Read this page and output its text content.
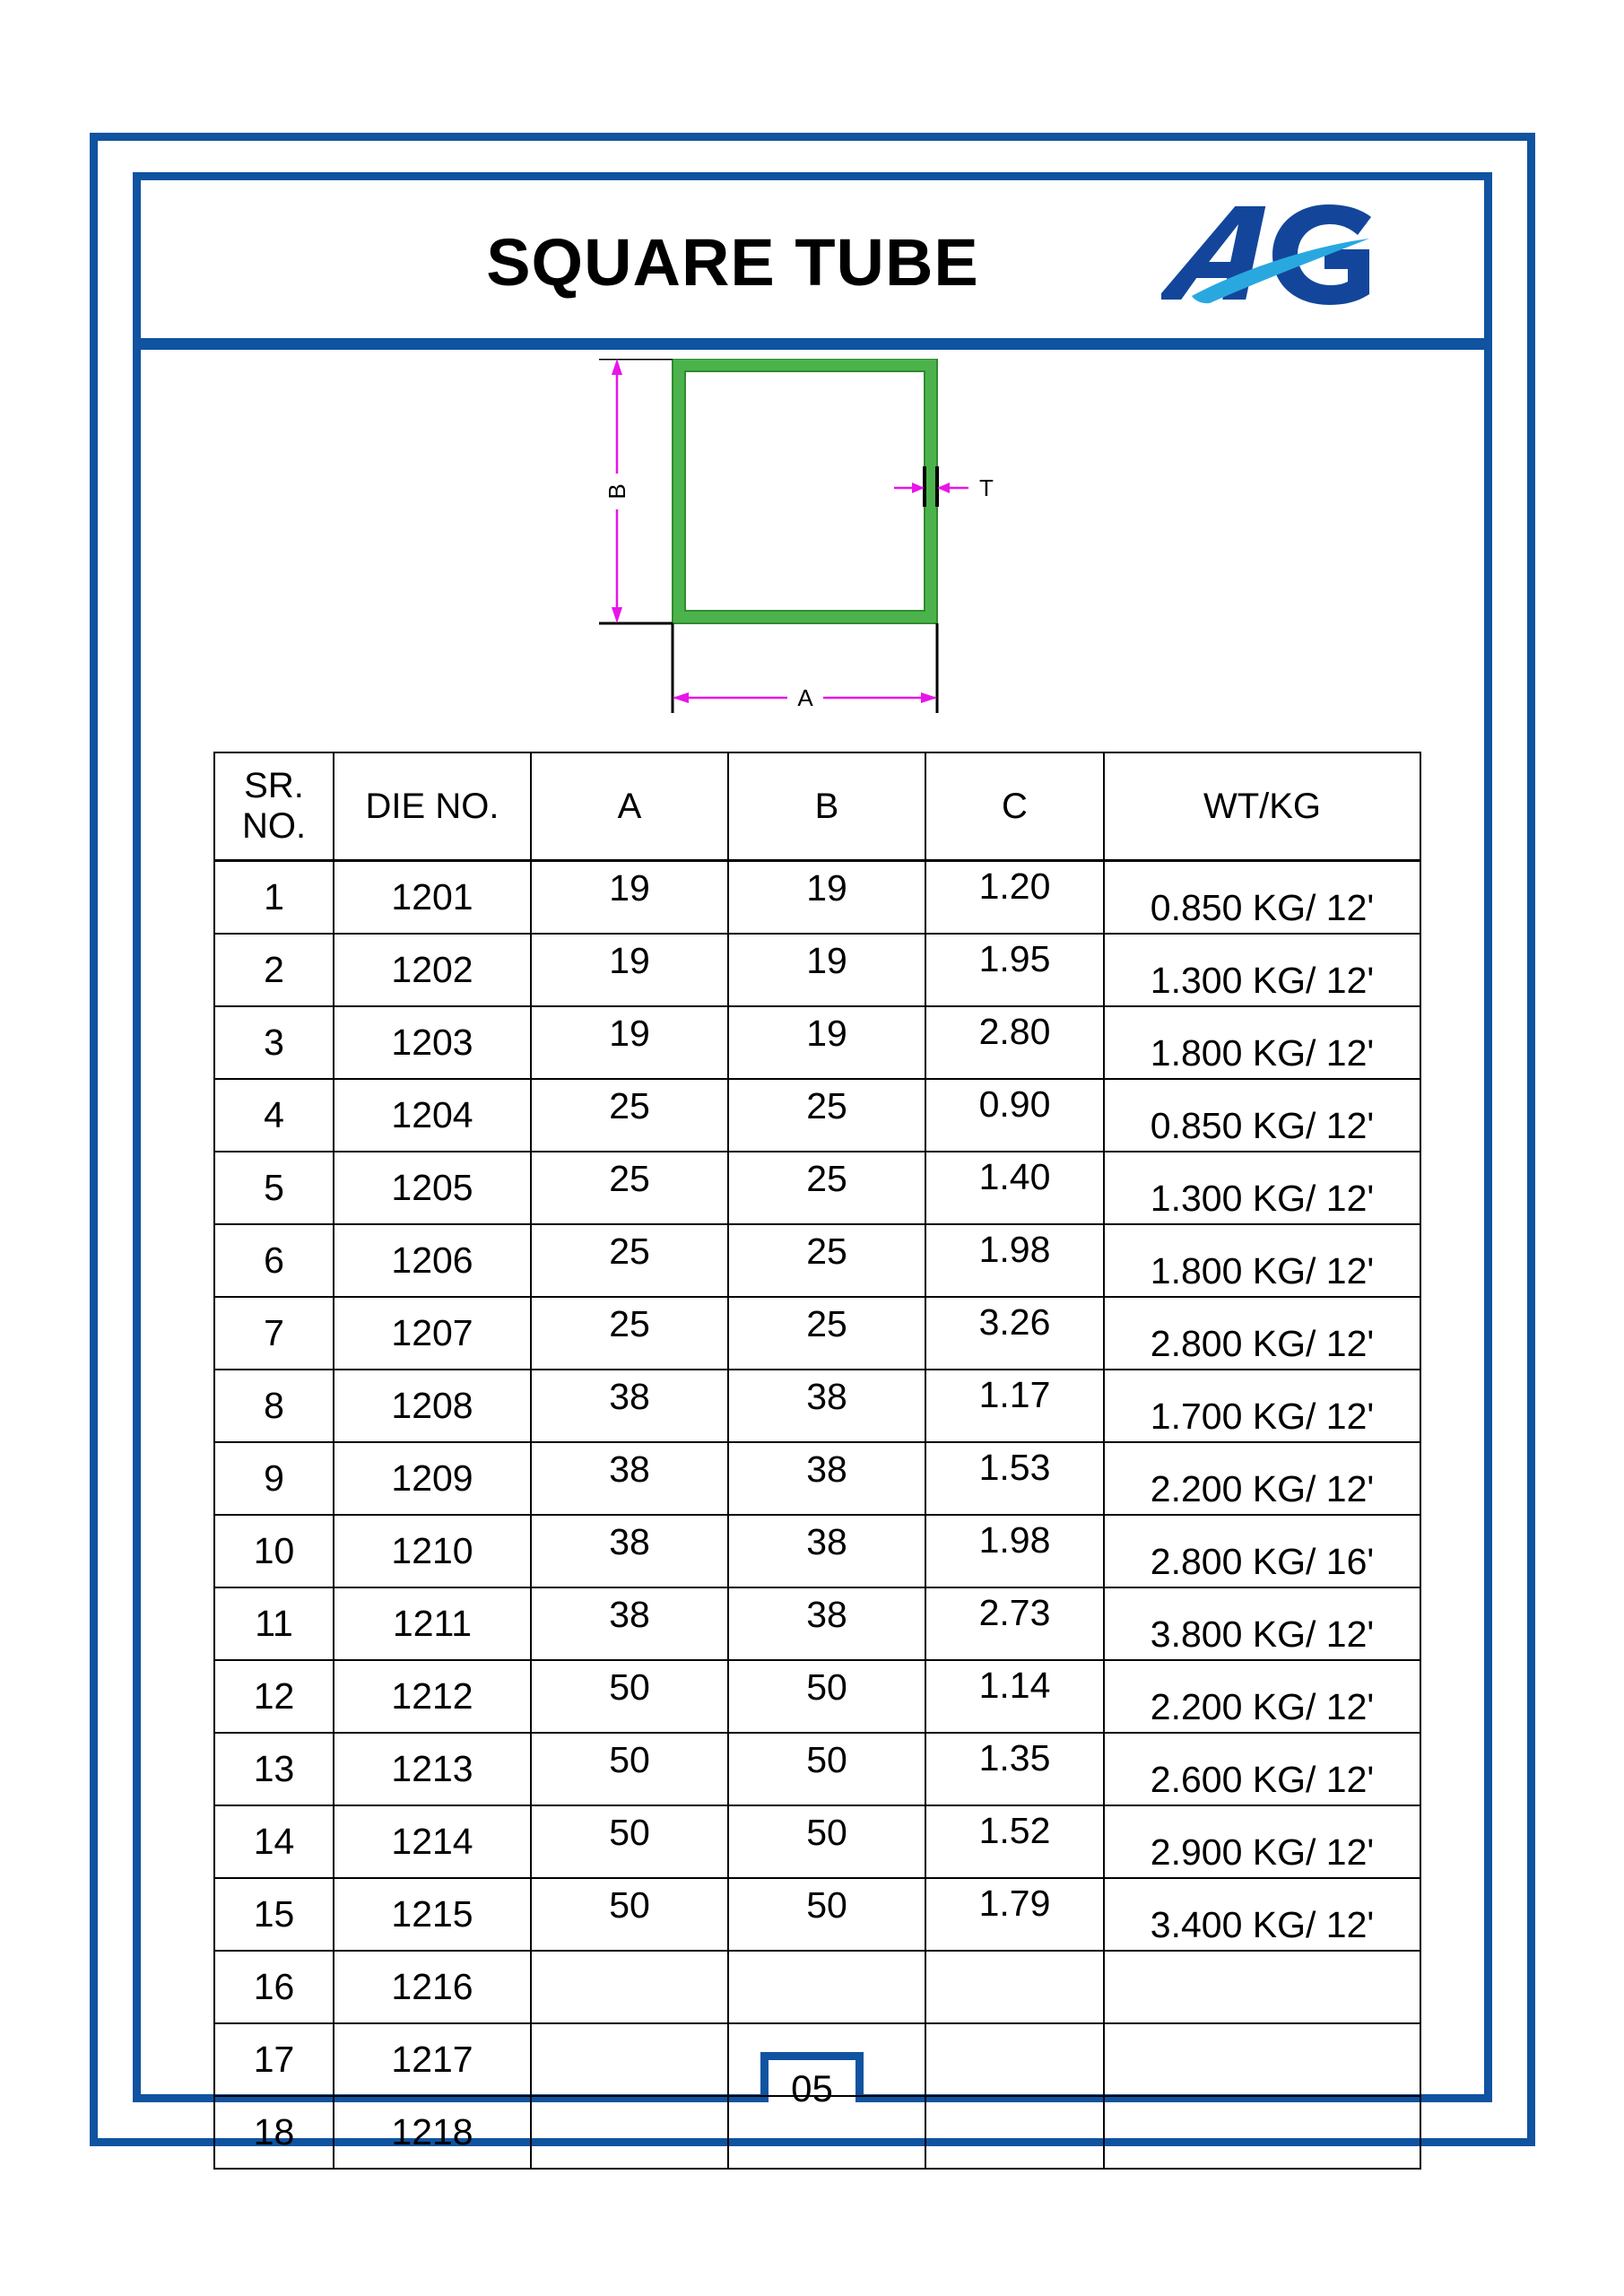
05
SQUARE TUBE
B
A
T
SR.
NO.	DIE NO.	A	B	C	WT/KG
1	1201	19	19	1.20	0.850 KG/ 12'
2	1202	19	19	1.95	1.300 KG/ 12'
3	1203	19	19	2.80	1.800 KG/ 12'
4	1204	25	25	0.90	0.850 KG/ 12'
5	1205	25	25	1.40	1.300 KG/ 12'
6	1206	25	25	1.98	1.800 KG/ 12'
7	1207	25	25	3.26	2.800 KG/ 12'
8	1208	38	38	1.17	1.700 KG/ 12'
9	1209	38	38	1.53	2.200 KG/ 12'
10	1210	38	38	1.98	2.800 KG/ 16'
11	1211	38	38	2.73	3.800 KG/ 12'
12	1212	50	50	1.14	2.200 KG/ 12'
13	1213	50	50	1.35	2.600 KG/ 12'
14	1214	50	50	1.52	2.900 KG/ 12'
15	1215	50	50	1.79	3.400 KG/ 12'
16	1216				
17	1217				
18	1218				
